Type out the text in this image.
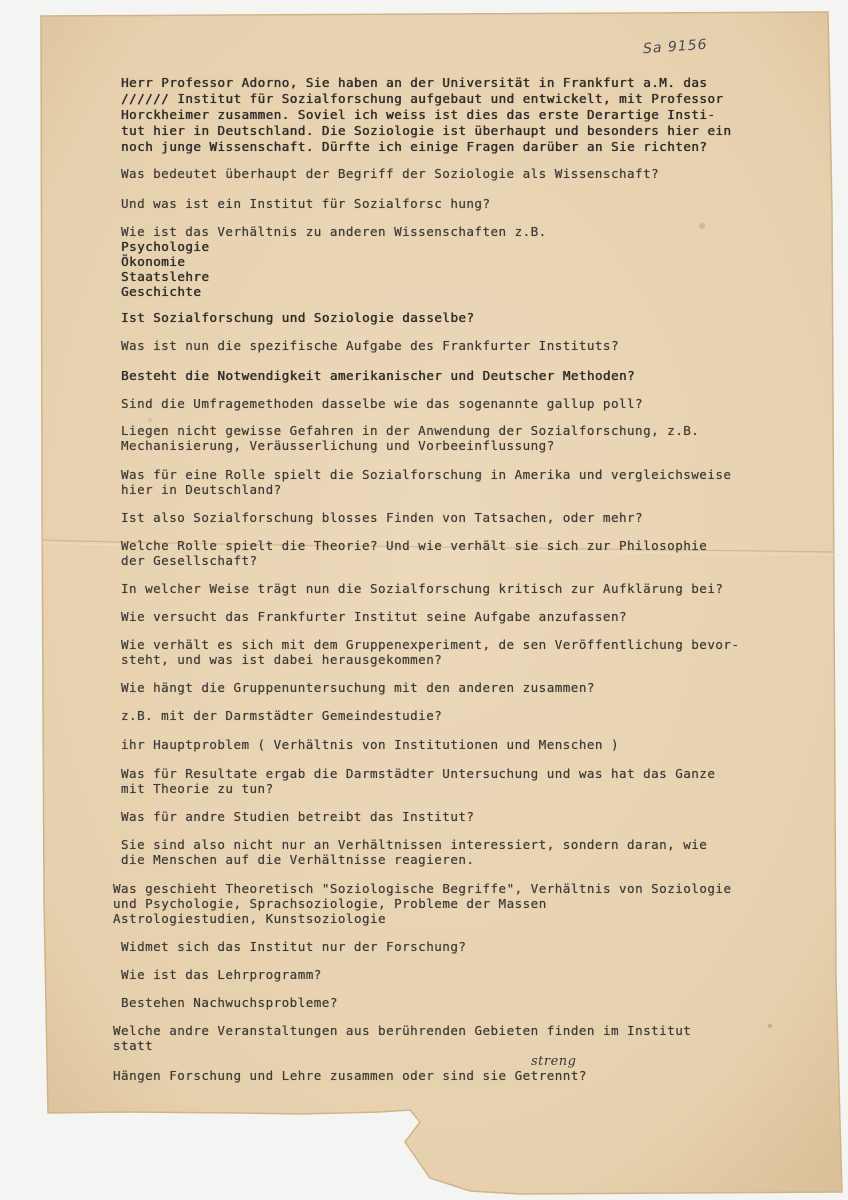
Sa 9156
Herr Professor Adorno, Sie haben an der Universität in Frankfurt a.M. das
////// Institut für Sozialforschung aufgebaut und entwickelt, mit Professor
Horckheimer zusammen. Soviel ich weiss ist dies das erste Derartige Insti-
tut hier in Deutschland. Die Soziologie ist überhaupt und besonders hier ein
noch junge Wissenschaft. Dürfte ich einige Fragen darüber an Sie richten?
Was bedeutet überhaupt der Begriff der Soziologie als Wissenschaft?
Und was ist ein Institut für Sozialforsc hung?
Wie ist das Verhältnis zu anderen Wissenschaften z.B.
Psychologie
Ökonomie
Staatslehre
Geschichte
Ist Sozialforschung und Soziologie dasselbe?
Was ist nun die spezifische Aufgabe des Frankfurter Instituts?
Besteht die Notwendigkeit amerikanischer und Deutscher Methoden?
Sind die Umfragemethoden dasselbe wie das sogenannte gallup poll?
Liegen nicht gewisse Gefahren in der Anwendung der Sozialforschung, z.B.
Mechanisierung, Veräusserlichung und Vorbeeinflussung?
Was für eine Rolle spielt die Sozialforschung in Amerika und vergleichsweise
hier in Deutschland?
Ist also Sozialforschung blosses Finden von Tatsachen, oder mehr?
Welche Rolle spielt die Theorie? Und wie verhält sie sich zur Philosophie
der Gesellschaft?
In welcher Weise trägt nun die Sozialforschung kritisch zur Aufklärung bei?
Wie versucht das Frankfurter Institut seine Aufgabe anzufassen?
Wie verhält es sich mit dem Gruppenexperiment, de sen Veröffentlichung bevor-
steht, und was ist dabei herausgekommen?
Wie hängt die Gruppenuntersuchung mit den anderen zusammen?
z.B. mit der Darmstädter Gemeindestudie?
ihr Hauptproblem ( Verhältnis von Institutionen und Menschen )
Was für Resultate ergab die Darmstädter Untersuchung und was hat das Ganze
mit Theorie zu tun?
Was für andre Studien betreibt das Institut?
Sie sind also nicht nur an Verhältnissen interessiert, sondern daran, wie
die Menschen auf die Verhältnisse reagieren.
Was geschieht Theoretisch "Soziologische Begriffe", Verhältnis von Soziologie
und Psychologie, Sprachsoziologie, Probleme der Massen
Astrologiestudien, Kunstsoziologie
Widmet sich das Institut nur der Forschung?
Wie ist das Lehrprogramm?
Bestehen Nachwuchsprobleme?
Welche andre Veranstaltungen aus berührenden Gebieten finden im Institut
statt
streng
Hängen Forschung und Lehre zusammen oder sind sie Getrennt?
